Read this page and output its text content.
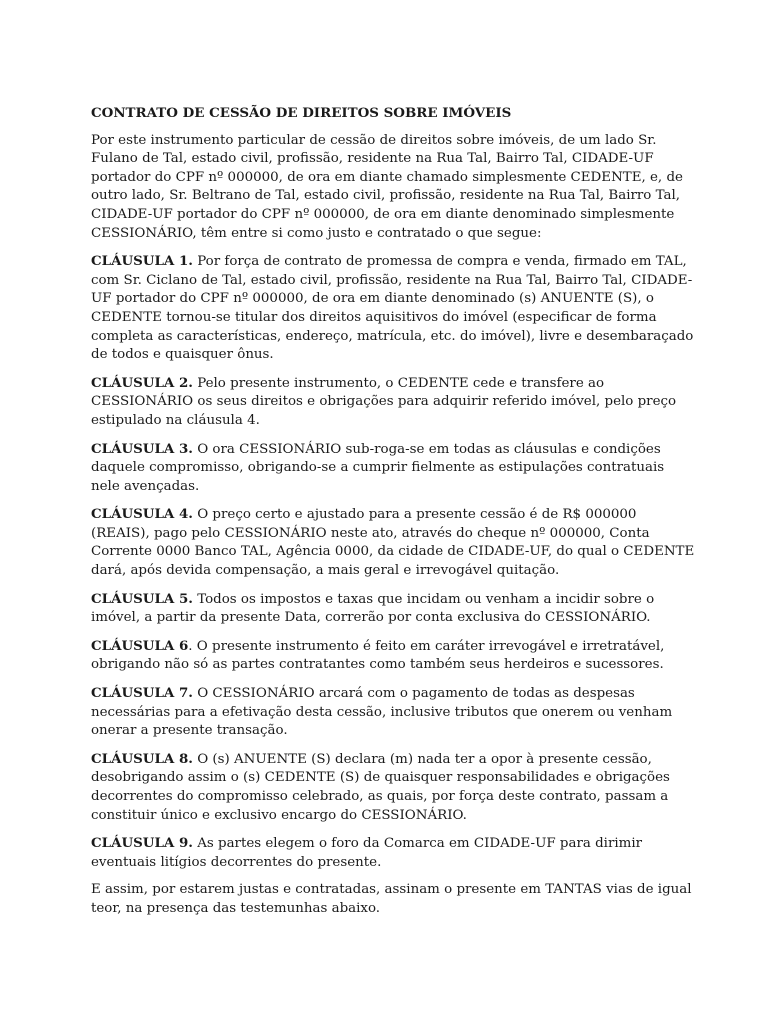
CONTRATO DE CESSÃO DE DIREITOS SOBRE IMÓVEIS

Por este instrumento particular de cessão de direitos sobre imóveis, de um lado Sr. Fulano de Tal, estado civil, profissão, residente na Rua Tal, Bairro Tal, CIDADE-UF portador do CPF nº 000000, de ora em diante chamado simplesmente CEDENTE, e, de outro lado, Sr. Beltrano de Tal, estado civil, profissão, residente na Rua Tal, Bairro Tal, CIDADE-UF portador do CPF nº 000000, de ora em diante denominado simplesmente CESSIONÁRIO, têm entre si como justo e contratado o que segue:

CLÁUSULA 1. Por força de contrato de promessa de compra e venda, firmado em TAL, com Sr. Ciclano de Tal, estado civil, profissão, residente na Rua Tal, Bairro Tal, CIDADE-UF portador do CPF nº 000000, de ora em diante denominado (s) ANUENTE (S), o CEDENTE tornou-se titular dos direitos aquisitivos do imóvel (especificar de forma completa as características, endereço, matrícula, etc. do imóvel), livre e desembaraçado de todos e quaisquer ônus.

CLÁUSULA 2. Pelo presente instrumento, o CEDENTE cede e transfere ao CESSIONÁRIO os seus direitos e obrigações para adquirir referido imóvel, pelo preço estipulado na cláusula 4.

CLÁUSULA 3. O ora CESSIONÁRIO sub-roga-se em todas as cláusulas e condições daquele compromisso, obrigando-se a cumprir fielmente as estipulações contratuais nele avençadas.

CLÁUSULA 4. O preço certo e ajustado para a presente cessão é de R$ 000000 (REAIS), pago pelo CESSIONÁRIO neste ato, através do cheque nº 000000, Conta Corrente 0000 Banco TAL, Agência 0000, da cidade de CIDADE-UF, do qual o CEDENTE dará, após devida compensação, a mais geral e irrevogável quitação.

CLÁUSULA 5. Todos os impostos e taxas que incidam ou venham a incidir sobre o imóvel, a partir da presente Data, correrão por conta exclusiva do CESSIONÁRIO.

CLÁUSULA 6. O presente instrumento é feito em caráter irrevogável e irretratável, obrigando não só as partes contratantes como também seus herdeiros e sucessores.

CLÁUSULA 7. O CESSIONÁRIO arcará com o pagamento de todas as despesas necessárias para a efetivação desta cessão, inclusive tributos que onerem ou venham onerar a presente transação.

CLÁUSULA 8. O (s) ANUENTE (S) declara (m) nada ter a opor à presente cessão, desobrigando assim o (s) CEDENTE (S) de quaisquer responsabilidades e obrigações decorrentes do compromisso celebrado, as quais, por força deste contrato, passam a constituir único e exclusivo encargo do CESSIONÁRIO.

CLÁUSULA 9. As partes elegem o foro da Comarca em CIDADE-UF para dirimir eventuais litígios decorrentes do presente.

E assim, por estarem justas e contratadas, assinam o presente em TANTAS vias de igual teor, na presença das testemunhas abaixo.
